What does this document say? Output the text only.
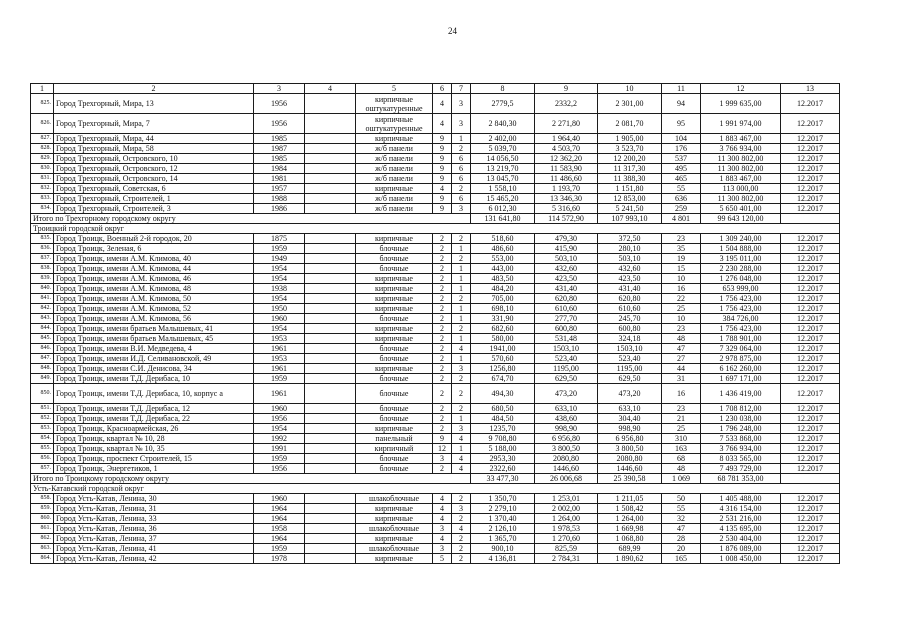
24
1	2	3	4	5	6	7	8	9	10	11	12	13
825.	Город Трехгорный, Мира, 13	1956		кирпичные оштукатуренные	4	3	2779,5	2332,2	2 301,00	94	1 999 635,00	12.2017
826.	Город Трехгорный, Мира, 7	1956		кирпичные оштукатуренные	4	3	2 840,30	2 271,80	2 081,70	95	1 991 974,00	12.2017
827.	Город Трехгорный, Мира, 44	1985		кирпичные	9	1	2 402,00	1 964,40	1 905,00	104	1 883 467,00	12.2017
828.	Город Трехгорный, Мира, 58	1987		ж/б панели	9	2	5 039,70	4 503,70	3 523,70	176	3 766 934,00	12.2017
829.	Город Трехгорный, Островского, 10	1985		ж/б панели	9	6	14 056,50	12 362,20	12 200,20	537	11 300 802,00	12.2017
830.	Город Трехгорный, Островского, 12	1984		ж/б панели	9	6	13 219,70	11 583,90	11 317,30	495	11 300 802,00	12.2017
831.	Город Трехгорный, Островского, 14	1981		ж/б панели	9	6	13 045,70	11 486,60	11 388,30	465	1 883 467,00	12.2017
832.	Город Трехгорный, Советская, 6	1957		кирпичные	4	2	1 558,10	1 193,70	1 151,80	55	113 000,00	12.2017
833.	Город Трехгорный, Строителей, 1	1988		ж/б панели	9	6	15 465,20	13 346,30	12 853,00	636	11 300 802,00	12.2017
834.	Город Трехгорный, Строителей, 3	1986		ж/б панели	9	3	6 012,30	5 316,60	5 241,50	259	5 650 401,00	12.2017
Итого по Трехгорному городскому округу							131 641,80	114 572,90	107 993,10	4 801	99 643 120,00	
Троицкий городской округ												
835.	Город Троицк, Военный 2-й городок, 20	1875		кирпичные	2	2	518,60	479,30	372,50	23	1 309 240,00	12.2017
836.	Город Троицк, Зеленая, 6	1959		блочные	2	1	486,60	415,90	280,10	35	1 504 888,00	12.2017
837.	Город Троицк, имени А.М. Климова, 40	1949		блочные	2	2	553,00	503,10	503,10	19	3 195 011,00	12.2017
838.	Город Троицк, имени А.М. Климова, 44	1954		блочные	2	1	443,00	432,60	432,60	15	2 230 288,00	12.2017
839.	Город Троицк, имени А.М. Климова, 46	1954		кирпичные	2	1	483,50	423,50	423,50	10	1 276 048,00	12.2017
840.	Город Троицк, имени А.М. Климова, 48	1938		кирпичные	2	1	484,20	431,40	431,40	16	653 999,00	12.2017
841.	Город Троицк, имени А.М. Климова, 50	1954		кирпичные	2	2	705,00	620,80	620,80	22	1 756 423,00	12.2017
842.	Город Троицк, имени А.М. Климова, 52	1950		кирпичные	2	1	698,10	610,60	610,60	25	1 756 423,00	12.2017
843.	Город Троицк, имени А.М. Климова, 56	1960		блочные	2	1	331,90	277,70	245,70	10	384 726,00	12.2017
844.	Город Троицк, имени братьев Малышевых, 41	1954		кирпичные	2	2	682,60	600,80	600,80	23	1 756 423,00	12.2017
845.	Город Троицк, имени братьев Малышевых, 45	1953		кирпичные	2	1	580,00	531,48	324,18	48	1 788 901,00	12.2017
846.	Город Троицк, имени В.И. Медведева, 4	1961		блочные	2	4	1941,00	1503,10	1503,10	47	7 329 064,00	12.2017
847.	Город Троицк, имени И.Д. Селивановской, 49	1953		блочные	2	1	570,60	523,40	523,40	27	2 978 875,00	12.2017
848.	Город Троицк, имени С.И. Денисова, 34	1961		кирпичные	2	3	1256,80	1195,00	1195,00	44	6 162 260,00	12.2017
849.	Город Троицк, имени Т.Д. Дерибаса, 10	1959		блочные	2	2	674,70	629,50	629,50	31	1 697 171,00	12.2017
850.	Город Троицк, имени Т.Д. Дерибаса, 10, корпус а	1961		блочные	2	2	494,30	473,20	473,20	16	1 436 419,00	12.2017
851.	Город Троицк, имени Т.Д. Дерибаса, 12	1960		блочные	2	2	680,50	633,10	633,10	23	1 708 812,00	12.2017
852.	Город Троицк, имени Т.Д. Дерибаса, 22	1956		блочные	2	1	484,50	438,60	304,40	21	1 230 038,00	12.2017
853.	Город Троицк, Красноармейская, 26	1954		кирпичные	2	3	1235,70	998,90	998,90	25	1 796 248,00	12.2017
854.	Город Троицк, квартал № 10, 28	1992		панельный	9	4	9 708,80	6 956,80	6 956,80	310	7 533 868,00	12.2017
855.	Город Троицк, квартал № 10, 35	1991		кирпичный	12	1	5 188,00	3 800,50	3 800,50	163	3 766 934,00	12.2017
856.	Город Троицк, проспект Строителей, 15	1959		блочные	3	4	2953,30	2080,80	2080,80	68	8 033 565,00	12.2017
857.	Город Троицк, Энергетиков, 1	1956		блочные	2	4	2322,60	1446,60	1446,60	48	7 493 729,00	12.2017
Итого по Троицкому городскому округу							33 477,30	26 006,68	25 390,58	1 069	68 781 353,00	
Усть-Катавский городской округ												
858.	Город Усть-Катав, Ленина, 30	1960		шлакоблочные	4	2	1 350,70	1 253,01	1 211,05	50	1 405 488,00	12.2017
859.	Город Усть-Катав, Ленина, 31	1964		кирпичные	4	3	2 279,10	2 002,00	1 508,42	55	4 316 154,00	12.2017
860.	Город Усть-Катав, Ленина, 33	1964		кирпичные	4	2	1 370,40	1 264,00	1 264,00	32	2 531 216,00	12.2017
861.	Город Усть-Катав, Ленина, 36	1958		шлакоблочные	3	4	2 126,10	1 978,53	1 669,98	47	4 135 695,00	12.2017
862.	Город Усть-Катав, Ленина, 37	1964		кирпичные	4	2	1 365,70	1 270,60	1 068,80	28	2 530 404,00	12.2017
863.	Город Усть-Катав, Ленина, 41	1959		шлакоблочные	3	2	900,10	825,59	689,99	20	1 876 089,00	12.2017
864.	Город Усть-Катав, Ленина, 42	1978		кирпичные	5	2	4 136,81	2 784,31	1 890,62	165	1 008 450,00	12.2017
